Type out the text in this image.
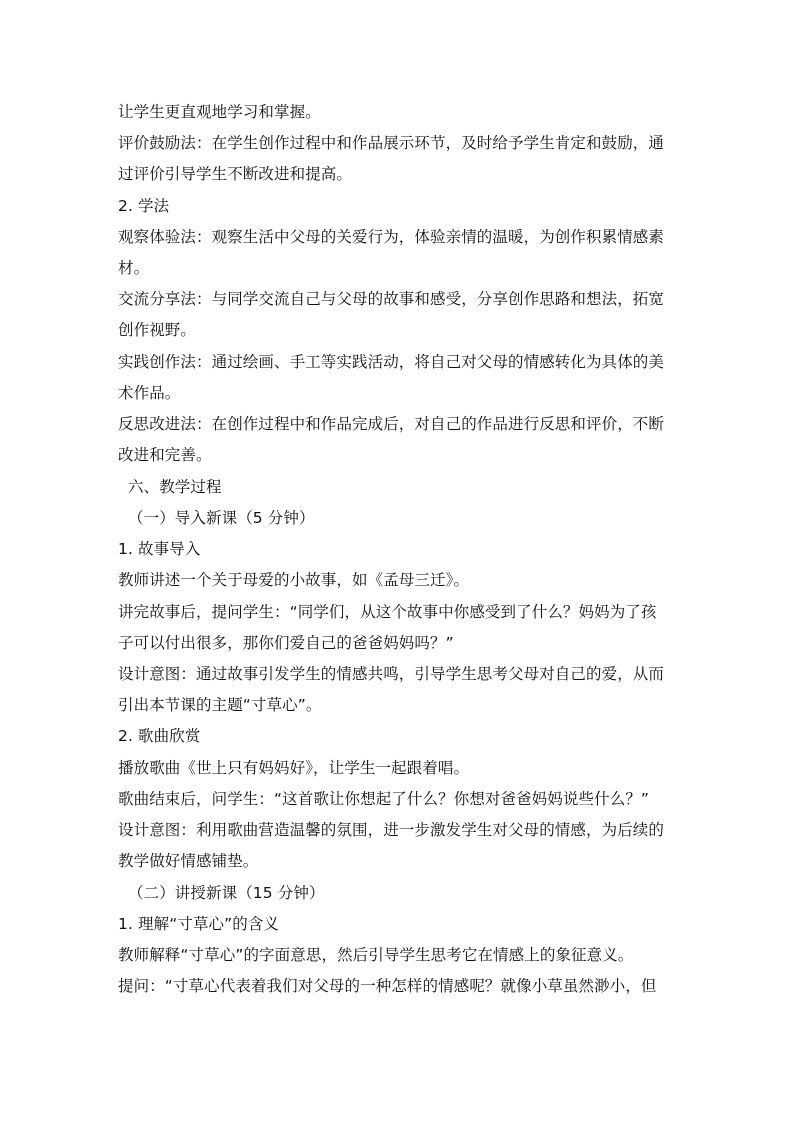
让学生更直观地学习和掌握。
评价鼓励法：在学生创作过程中和作品展示环节，及时给予学生肯定和鼓励，通
过评价引导学生不断改进和提高。
2. 学法
观察体验法：观察生活中父母的关爱行为，体验亲情的温暖，为创作积累情感素
材。
交流分享法：与同学交流自己与父母的故事和感受，分享创作思路和想法，拓宽
创作视野。
实践创作法：通过绘画、手工等实践活动，将自己对父母的情感转化为具体的美
术作品。
反思改进法：在创作过程中和作品完成后，对自己的作品进行反思和评价，不断
改进和完善。
六、教学过程
（一）导入新课（5 分钟）
1. 故事导入
教师讲述一个关于母爱的小故事，如《孟母三迁》。
讲完故事后，提问学生：“同学们，从这个故事中你感受到了什么？妈妈为了孩
子可以付出很多，那你们爱自己的爸爸妈妈吗？”
设计意图：通过故事引发学生的情感共鸣，引导学生思考父母对自己的爱，从而
引出本节课的主题“寸草心”。
2. 歌曲欣赏
播放歌曲《世上只有妈妈好》，让学生一起跟着唱。
歌曲结束后，问学生：“这首歌让你想起了什么？你想对爸爸妈妈说些什么？”
设计意图：利用歌曲营造温馨的氛围，进一步激发学生对父母的情感，为后续的
教学做好情感铺垫。
（二）讲授新课（15 分钟）
1. 理解“寸草心”的含义
教师解释“寸草心”的字面意思，然后引导学生思考它在情感上的象征意义。
提问：“寸草心代表着我们对父母的一种怎样的情感呢？就像小草虽然渺小，但
